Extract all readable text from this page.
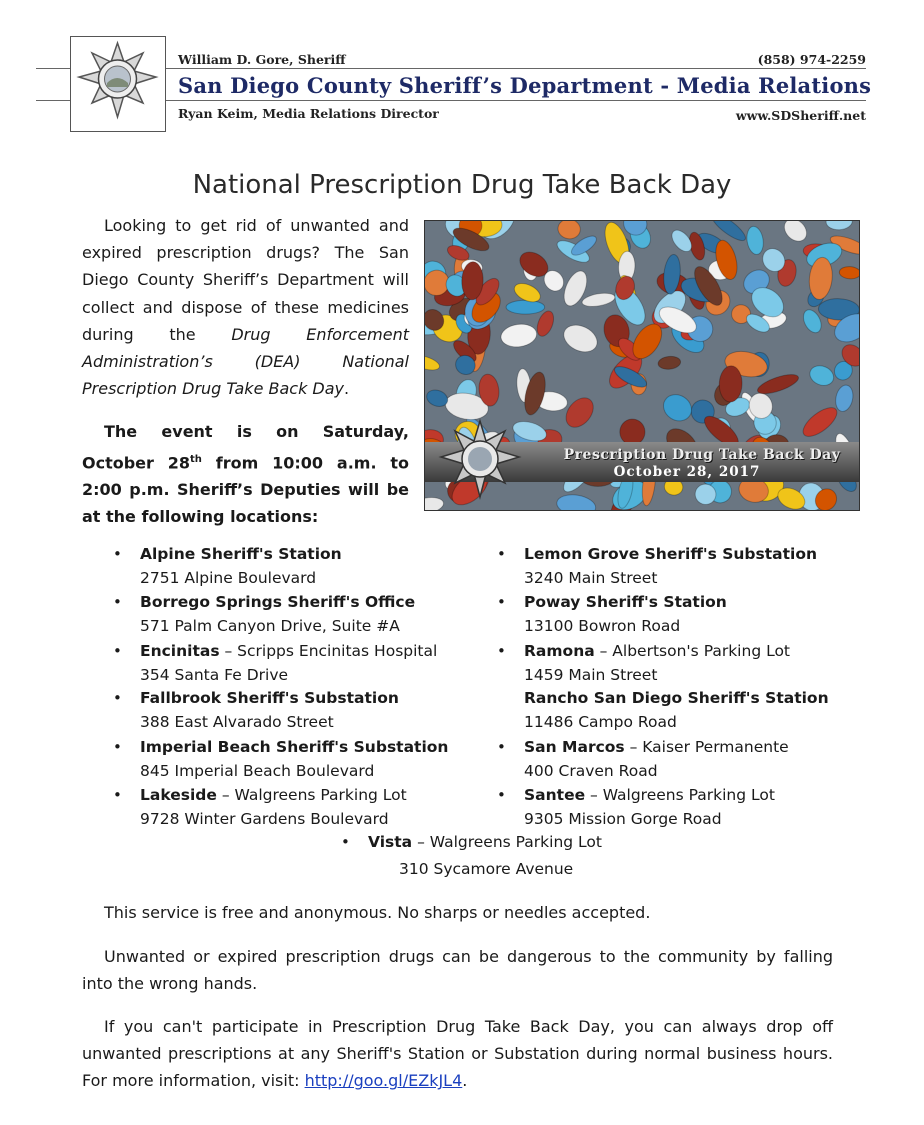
William D. Gore, Sheriff	(858) 974-2259
San Diego County Sheriff’s Department - Media Relations
Ryan Keim, Media Relations Director	www.SDSheriff.net
National Prescription Drug Take Back Day

Looking to get rid of unwanted and expired prescription drugs? The San Diego County Sheriff’s Department will collect and dispose of these medicines during the Drug Enforcement Administration’s (DEA) National Prescription Drug Take Back Day.

The event is on Saturday, October 28th from 10:00 a.m. to 2:00 p.m. Sheriff’s Deputies will be at the following locations:

Prescription Drug Take Back Day
October 28, 2017
• Alpine Sheriff's Station
2751 Alpine Boulevard
• Borrego Springs Sheriff's Office
571 Palm Canyon Drive, Suite #A
• Encinitas – Scripps Encinitas Hospital
354 Santa Fe Drive
• Fallbrook Sheriff's Substation
388 East Alvarado Street
• Imperial Beach Sheriff's Substation
845 Imperial Beach Boulevard
• Lakeside – Walgreens Parking Lot
9728 Winter Gardens Boulevard
• Lemon Grove Sheriff's Substation
3240 Main Street
• Poway Sheriff's Station
13100 Bowron Road
• Ramona – Albertson's Parking Lot
1459 Main Street
Rancho San Diego Sheriff's Station
11486 Campo Road
• San Marcos – Kaiser Permanente
400 Craven Road
• Santee – Walgreens Parking Lot
9305 Mission Gorge Road
• Vista – Walgreens Parking Lot
310 Sycamore Avenue

This service is free and anonymous. No sharps or needles accepted.

Unwanted or expired prescription drugs can be dangerous to the community by falling into the wrong hands.

If you can't participate in Prescription Drug Take Back Day, you can always drop off unwanted prescriptions at any Sheriff's Station or Substation during normal business hours. For more information, visit: http://goo.gl/EZkJL4.
